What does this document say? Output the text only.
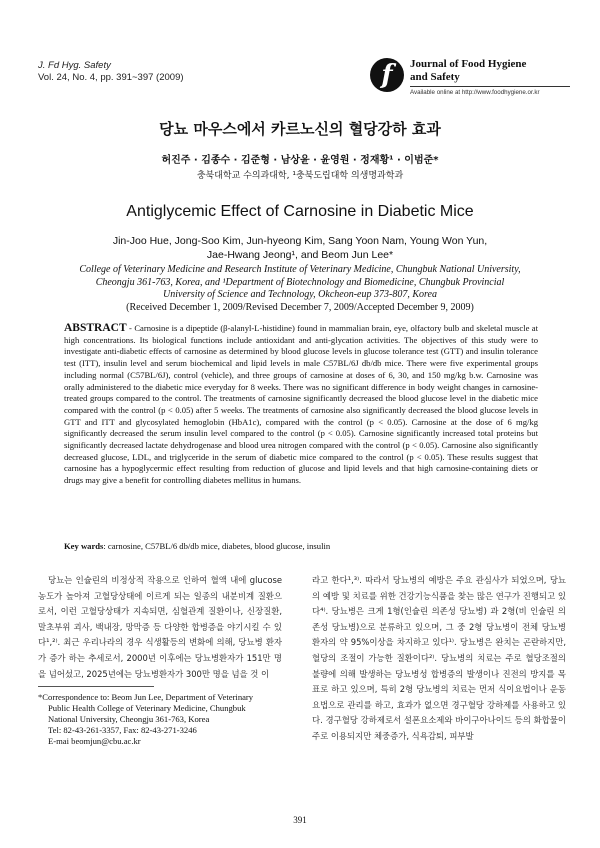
J. Fd Hyg. Safety
Vol. 24, No. 4, pp. 391~397 (2009)	f	Journal of Food Hygiene
and Safety
Available online at http://www.foodhygiene.or.kr
당뇨 마우스에서 카르노신의 혈당강하 효과
허진주 · 김종수 · 김준형 · 남상윤 · 윤영원 · 정재황¹ · 이범준*
충북대학교 수의과대학, ¹충북도립대학 의생명과학과
Antiglycemic Effect of Carnosine in Diabetic Mice
Jin-Joo Hue, Jong-Soo Kim, Jun-hyeong Kim, Sang Yoon Nam, Young Won Yun,
Jae-Hwang Jeong¹, and Beom Jun Lee*
College of Veterinary Medicine and Research Institute of Veterinary Medicine, Chungbuk National University,
Cheongju 361-763, Korea, and ¹Department of Biotechnology and Biomedicine, Chungbuk Provincial
University of Science and Technology, Okcheon-eup 373-807, Korea
(Received December 1, 2009/Revised December 7, 2009/Accepted December 9, 2009)
ABSTRACT - Carnosine is a dipeptide (β-alanyl-L-histidine) found in mammalian brain, eye, olfactory bulb and skeletal muscle at high concentrations. Its biological functions include antioxidant and anti-glycation activities. The objectives of this study were to investigate anti-diabetic effects of carnosine as determined by blood glucose levels in glucose tolerance test (GTT) and insulin tolerance test (ITT), insulin level and serum biochemical and lipid levels in male C57BL/6J db/db mice. There were five experimental groups including normal (C57BL/6J), control (vehicle), and three groups of carnosine at doses of 6, 30, and 150 mg/kg b.w. Carnosine was orally administered to the diabetic mice everyday for 8 weeks. There was no significant difference in body weight changes in carnosine-treated groups compared to the control. The treatments of carnosine significantly decreased the blood glucose level in the diabetic mice compared with the control (p < 0.05) after 5 weeks. The treatments of carnosine also significantly decreased the blood glucose levels in GTT and ITT and glycosylated hemoglobin (HbA1c), compared with the control (p < 0.05). Carnosine at the dose of 6 mg/kg significantly decreased the serum insulin level compared to the control (p < 0.05). Carnosine significantly increased total proteins but significantly decreased lactate dehydrogenase and blood urea nitrogen compared with the control (p < 0.05). Carnosine also significantly decreased glucose, LDL, and triglyceride in the serum of diabetic mice compared to the control (p < 0.05). These results suggest that carnosine has a hypoglycermic effect resulting from reduction of glucose and lipid levels and that high carnosine-containing diets or drugs may give a benefit for controlling diabetes mellitus in humans.
Key wards: carnosine, C57BL/6 db/db mice, diabetes, blood glucose, insulin

당뇨는 인슐린의 비정상적 작용으로 인하여 혈액 내에 glucose 농도가 높아져 고혈당상태에 이르게 되는 일종의 내분비계 질환으로서, 이런 고혈당상태가 지속되면, 심혈관계 질환이나, 신장질환, 말초부위 괴사, 백내장, 망막증 등 다양한 합병증을 야기시킬 수 있다¹,²⁾. 최근 우리나라의 경우 식생활등의 변화에 의해, 당뇨병 환자가 증가 하는 추세로서, 2000년 이후에는 당뇨병환자가 151만 명을 넘어섰고, 2025년에는 당뇨병환자가 300만 명을 넘을 것 이

라고 한다¹,³⁾. 따라서 당뇨병의 예방은 주요 관심사가 되었으며, 당뇨의 예방 및 치료를 위한 건강기능식품을 찾는 많은 연구가 진행되고 있다⁴⁾. 당뇨병은 크게 1형(인슐린 의존성 당뇨병) 과 2형(비 인슐린 의존성 당뇨병)으로 분류하고 있으며, 그 중 2형 당뇨병이 전체 당뇨병 환자의 약 95%이상을 차지하고 있다¹⁾. 당뇨병은 완치는 곤란하지만, 혈당의 조절이 가능한 질환이다²⁾. 당뇨병의 치료는 주로 혈당조절의 불량에 의해 발생하는 당뇨병성 합병증의 발생이나 진전의 방지를 목표로 하고 있으며, 특히 2형 당뇨병의 치료는 먼저 식이요법이나 운동요법으로 관리를 하고, 효과가 없으면 경구혈당 강하제를 사용하고 있다. 경구혈당 강하제로서 설폰요소제와 바이구아나이드 등의 화합물이 주로 이용되지만 체중증가, 식욕감퇴, 피부발

*Correspondence to: Beom Jun Lee, Department of Veterinary
Public Health College of Veterinary Medicine, Chungbuk
National University, Cheongju 361-763, Korea
Tel: 82-43-261-3357, Fax: 82-43-271-3246
E-mai beomjun@cbu.ac.kr
391
